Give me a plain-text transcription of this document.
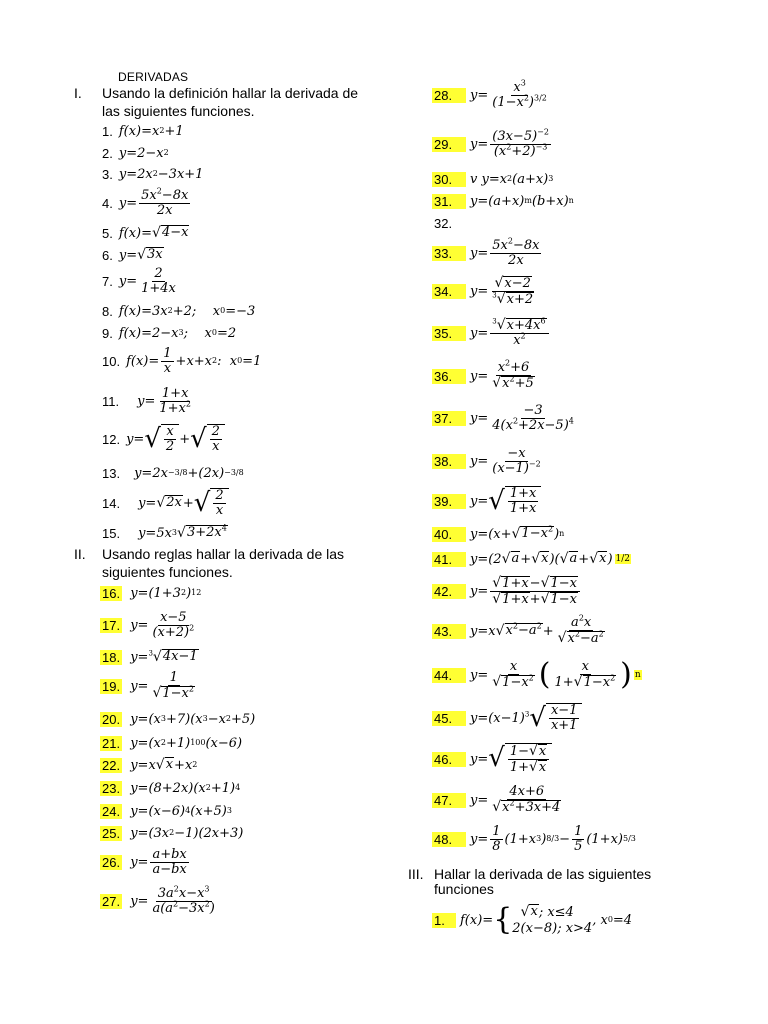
DERIVADAS
I. Usando la definición hallar la derivada de
las siguientes funciones.
1. f(x)=x 2 +1
2. y=2−x 2
3. y=2x 2 −3x+1
4. y=
$5x^2-8x$
2x
5. f(x)= √ 4−x
6. y= √ 3x
7. y=
2
1+4x
8. f(x)=3x 2 +2;    x 0 =−3
9. f(x)=2−x 3 ;    x 0 =2
10. f(x)=
1
x +x+x 2 :  x 0 =1
11. y=
1+x
$1+x^2$
12. y= √ $\frac{x}{2}$ + √ $\frac{2}{x}$
13. y=2x −3/8 +(2x) −3/8
14. y= √ 2x + √ $\frac{2}{x}$
15. y=5x 3 √ $3+2x^4$
II. Usando reglas hallar la derivada de las
siguientes funciones.
16. y=(1+3 2 ) 12
17. y=
x−5
$(x+2)^2$
18. y= $^3$√ 4x−1
19. y=
1
√ $1-x^2$
20. y=(x 3 +7)(x 3 −x 2 +5)
21. y=(x 2 +1) 100 (x−6)
22. y=x √ x +x 2
23. y=(8+2x)(x 2 +1) 4
24. y=(x−6) 4 (x+5) 3
25. y=(3x 2 −1)(2x+3)
26. y=
a+bx
a−bx
27. y=
$3a^2x-x^3$
$a(a^2-3x^2)$
28.	y=
$x^3$
$(1-x^2)^{3/2}$
29.	y=
$(3x-5)^{-2}$
$(x^2+2)^{-3}$
30.	v y=x 2 (a+x) 3
31.	y=(a+x) m (b+x) n
32.
33.	y=
$5x^2-8x$
2x
34.	y=
√ x−2
$^3$√ x+2
35.	y=
$^3$√ $x+4x^6$
$x^2$
36.	y=
$x^2+6$
√ $x^2+5$
37.	y=
−3
$4(x^2+2x-5)^4$
38.	y=
−x
$(x-1)^{-2}$
39.	y= √ $\frac{1+x}{1+x}$
40.	y=(x+ √ $1-x^2$ ) n
41.	y=(2 √ a + √ x )( √ a + √ x ) 1/2
42.	y=
√ 1+x − √ 1−x
√ 1+x + √ 1−x
43.	y=x √ $x^2-a^2$ +
$a^2x$
√ $x^2-a^2$
44.	y=
x
√ $1-x^2$ ( x
1+ √ $1-x^2$ ) n
45.	y=(x−1) $^3√ \frac{x-1}{x+1}$
46.	y= √ $\frac{1- √ x}{1+ √ x}$
47.	y=
4x+6
√ $x^2+3x+4$
48.	y=
1
8 (1+x 3 ) 8/3 −
1
5 (1+x) 5/3
III. Hallar la derivada de las siguientes
funciones
1.	f(x)= {
√ x ; x≤4
2(x−8); x>4
, x 0 =4
